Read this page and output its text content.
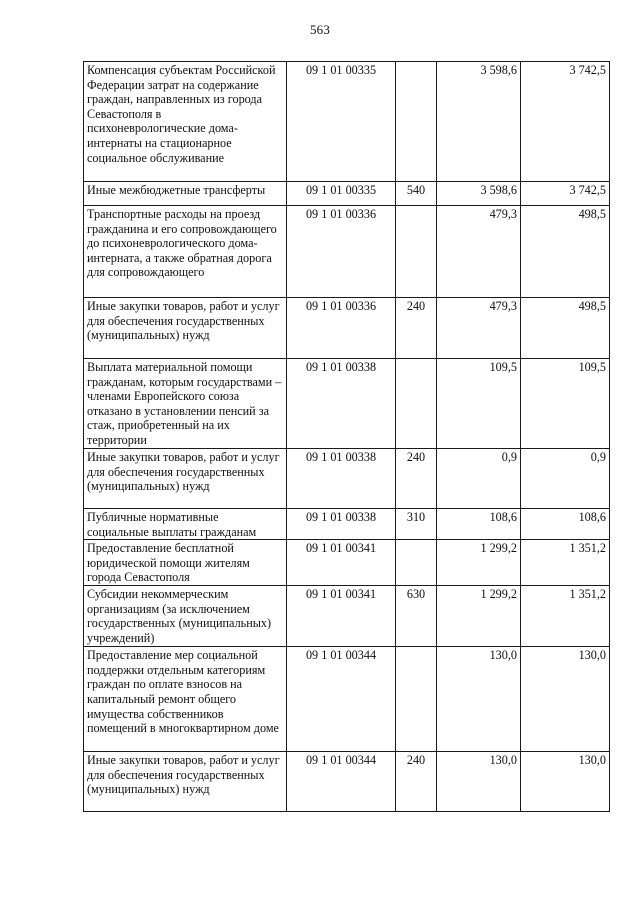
563
Компенсация субъектам Российской Федерации затрат на содержание граждан, направленных из города Севастополя в психоневрологические дома-интернаты на стационарное социальное обслуживание	09 1 01 00335		3 598,6	3 742,5
Иные межбюджетные трансферты	09 1 01 00335	540	3 598,6	3 742,5
Транспортные расходы на проезд гражданина и его сопровождающего до психоневрологического дома-интерната, а также обратная дорога для сопровождающего	09 1 01 00336		479,3	498,5
Иные закупки товаров, работ и услуг для обеспечения государственных (муниципальных) нужд	09 1 01 00336	240	479,3	498,5
Выплата материальной помощи гражданам, которым государствами – членами Европейского союза отказано в установлении пенсий за стаж, приобретенный на их территории	09 1 01 00338		109,5	109,5
Иные закупки товаров, работ и услуг для обеспечения государственных (муниципальных) нужд	09 1 01 00338	240	0,9	0,9
Публичные нормативные социальные выплаты гражданам	09 1 01 00338	310	108,6	108,6
Предоставление бесплатной юридической помощи жителям города Севастополя	09 1 01 00341		1 299,2	1 351,2
Субсидии некоммерческим организациям (за исключением государственных (муниципальных) учреждений)	09 1 01 00341	630	1 299,2	1 351,2
Предоставление мер социальной поддержки отдельным категориям граждан по оплате взносов на капитальный ремонт общего имущества собственников помещений в многоквартирном доме	09 1 01 00344		130,0	130,0
Иные закупки товаров, работ и услуг для обеспечения государственных (муниципальных) нужд	09 1 01 00344	240	130,0	130,0
